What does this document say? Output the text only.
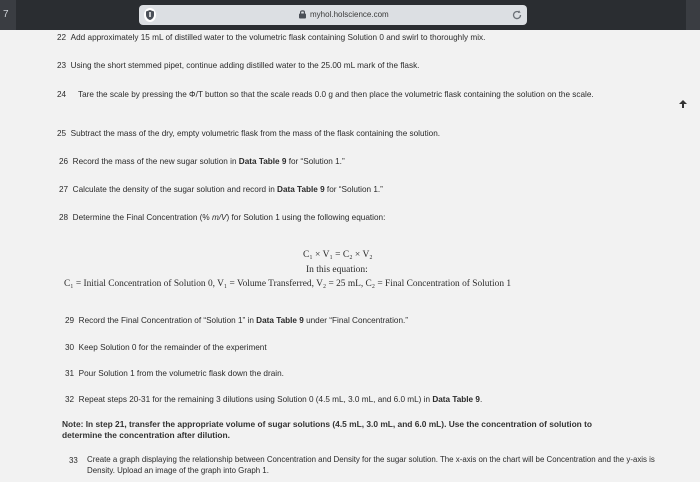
7	myhol.holscience.com
22 Add approximately 15 mL of distilled water to the volumetric flask containing Solution 0 and swirl to thoroughly mix.
23 Using the short stemmed pipet, continue adding distilled water to the 25.00 mL mark of the flask.
24	Tare the scale by pressing the Φ/T button so that the scale reads 0.0 g and then place the volumetric flask containing the solution on the scale.
25 Subtract the mass of the dry, empty volumetric flask from the mass of the flask containing the solution.
26 Record the mass of the new sugar solution in Data Table 9 for “Solution 1.”
27 Calculate the density of the sugar solution and record in Data Table 9 for “Solution 1.”
28 Determine the Final Concentration (% m/V) for Solution 1 using the following equation:
C₁ × V₁ = C₂ × V₂
In this equation:
C₁ = Initial Concentration of Solution 0, V₁ = Volume Transferred, V₂ = 25 mL, C₂ = Final Concentration of Solution 1
29 Record the Final Concentration of “Solution 1” in Data Table 9 under “Final Concentration.”
30 Keep Solution 0 for the remainder of the experiment
31 Pour Solution 1 from the volumetric flask down the drain.
32 Repeat steps 20-31 for the remaining 3 dilutions using Solution 0 (4.5 mL, 3.0 mL, and 6.0 mL) in Data Table 9.
Note: In step 21, transfer the appropriate volume of sugar solutions (4.5 mL, 3.0 mL, and 6.0 mL). Use the concentration of solution to determine the concentration after dilution.
33	Create a graph displaying the relationship between Concentration and Density for the sugar solution. The x-axis on the chart will be Concentration and the y-axis is Density. Upload an image of the graph into Graph 1.
